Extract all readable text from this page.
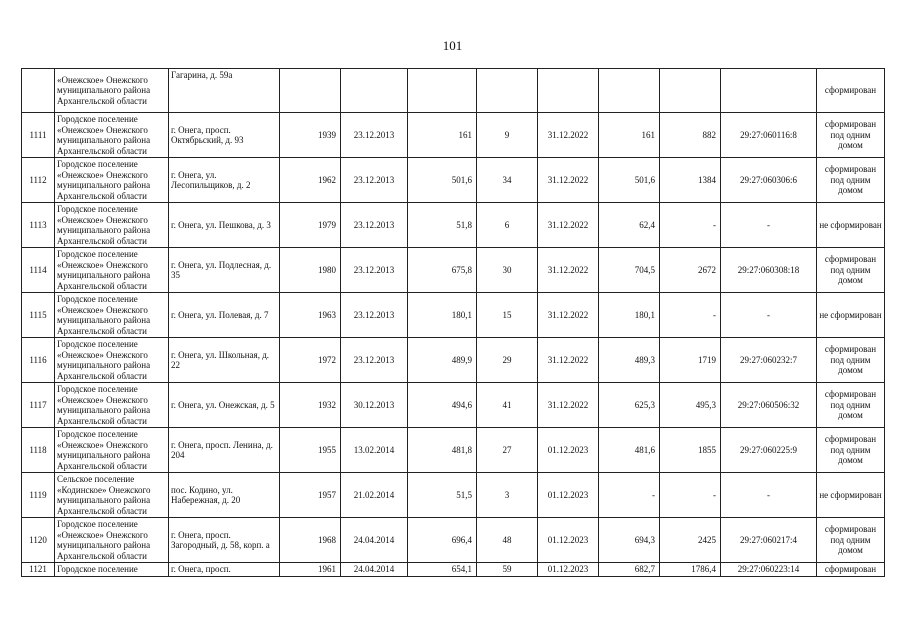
101
	«Онежское» Онежского муниципального района Архангельской области	Гагарина, д. 59а									сформирован
1111	Городское поселение «Онежское» Онежского муниципального района Архангельской области	г. Онега, просп. Октябрьский, д. 93	1939	23.12.2013	161	9	31.12.2022	161	882	29:27:060116:8	сформирован под одним домом
1112	Городское поселение «Онежское» Онежского муниципального района Архангельской области	г. Онега, ул. Лесопильщиков, д. 2	1962	23.12.2013	501,6	34	31.12.2022	501,6	1384	29:27:060306:6	сформирован под одним домом
1113	Городское поселение «Онежское» Онежского муниципального района Архангельской области	г. Онега, ул. Пешкова, д. 3	1979	23.12.2013	51,8	6	31.12.2022	62,4	-	-	не сформирован
1114	Городское поселение «Онежское» Онежского муниципального района Архангельской области	г. Онега, ул. Подлесная, д. 35	1980	23.12.2013	675,8	30	31.12.2022	704,5	2672	29:27:060308:18	сформирован под одним домом
1115	Городское поселение «Онежское» Онежского муниципального района Архангельской области	г. Онега, ул. Полевая, д. 7	1963	23.12.2013	180,1	15	31.12.2022	180,1	-	-	не сформирован
1116	Городское поселение «Онежское» Онежского муниципального района Архангельской области	г. Онега, ул. Школьная, д. 22	1972	23.12.2013	489,9	29	31.12.2022	489,3	1719	29:27:060232:7	сформирован под одним домом
1117	Городское поселение «Онежское» Онежского муниципального района Архангельской области	г. Онега, ул. Онежская, д. 5	1932	30.12.2013	494,6	41	31.12.2022	625,3	495,3	29:27:060506:32	сформирован под одним домом
1118	Городское поселение «Онежское» Онежского муниципального района Архангельской области	г. Онега, просп. Ленина, д. 204	1955	13.02.2014	481,8	27	01.12.2023	481,6	1855	29:27:060225:9	сформирован под одним домом
1119	Сельское поселение «Кодинское» Онежского муниципального района Архангельской области	пос. Кодино, ул. Набережная, д. 20	1957	21.02.2014	51,5	3	01.12.2023	-	-	-	не сформирован
1120	Городское поселение «Онежское» Онежского муниципального района Архангельской области	г. Онега, просп. Загородный, д. 58, корп. а	1968	24.04.2014	696,4	48	01.12.2023	694,3	2425	29:27:060217:4	сформирован под одним домом
1121	Городское поселение	г. Онега, просп.	1961	24.04.2014	654,1	59	01.12.2023	682,7	1786,4	29:27:060223:14	сформирован
